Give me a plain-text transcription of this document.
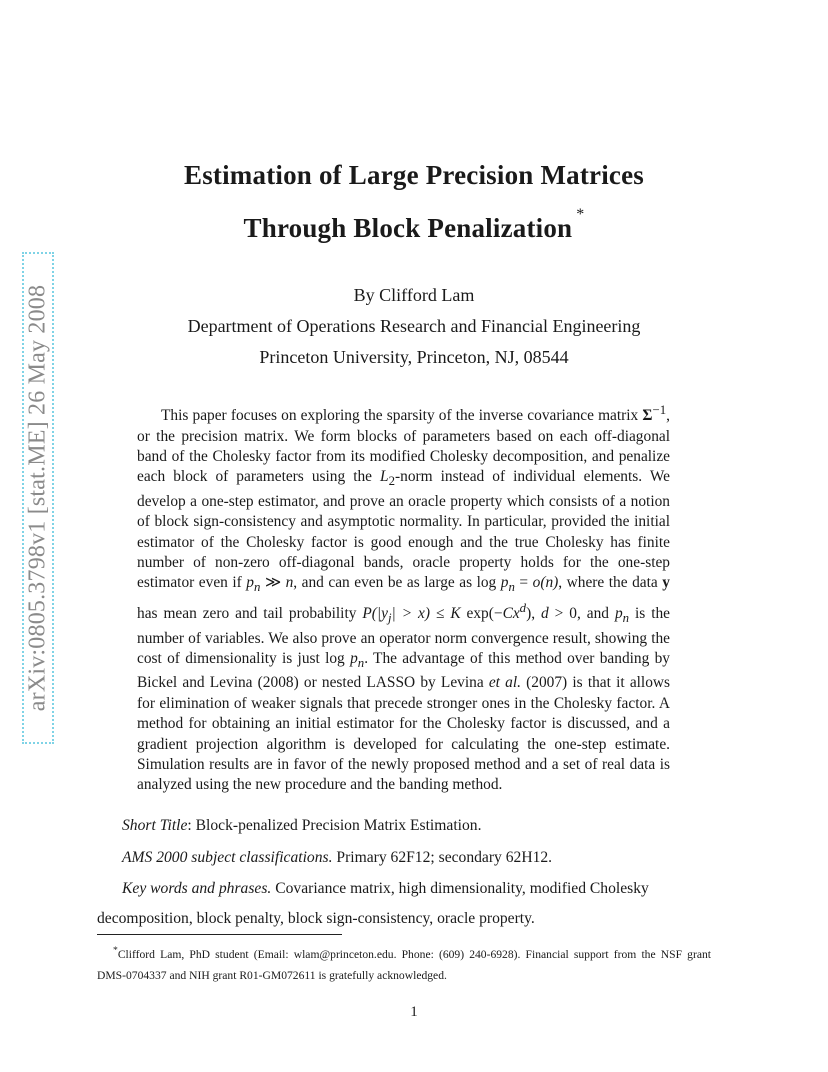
arXiv:0805.3798v1 [stat.ME] 26 May 2008
Estimation of Large Precision Matrices
Through Block Penalization *
By Clifford Lam
Department of Operations Research and Financial Engineering
Princeton University, Princeton, NJ, 08544

This paper focuses on exploring the sparsity of the inverse covariance matrix $\Sigma^{-1}$, or the precision matrix. We form blocks of parameters based on each off-diagonal band of the Cholesky factor from its modified Cholesky decomposition, and penalize each block of parameters using the $L_2$-norm instead of individual elements. We develop a one-step estimator, and prove an oracle property which consists of a notion of block sign-consistency and asymptotic normality. In particular, provided the initial estimator of the Cholesky factor is good enough and the true Cholesky has finite number of non-zero off-diagonal bands, oracle property holds for the one-step estimator even if $p_n$ ≫ n, and can even be as large as $\log p_n = o(n)$, where the data y has mean zero and tail probability $P(|y_j| > x) \le K$ $\exp(-Cx^d)$, d > 0, and $p_n$ is the number of variables. We also prove an operator norm convergence result, showing the cost of dimensionality is just $\log p_n$. The advantage of this method over banding by Bickel and Levina (2008) or nested LASSO by Levina et al. (2007) is that it allows for elimination of weaker signals that precede stronger ones in the Cholesky factor. A method for obtaining an initial estimator for the Cholesky factor is discussed, and a gradient projection algorithm is developed for calculating the one-step estimate. Simulation results are in favor of the newly proposed method and a set of real data is analyzed using the new procedure and the banding method.

Short Title: Block-penalized Precision Matrix Estimation.
AMS 2000 subject classifications. Primary 62F12; secondary 62H12.
Key words and phrases. Covariance matrix, high dimensionality, modified Cholesky
decomposition, block penalty, block sign-consistency, oracle property.

*Clifford Lam, PhD student (Email: wlam@princeton.edu. Phone: (609) 240-6928). Financial support from the NSF grant DMS-0704337 and NIH grant R01-GM072611 is gratefully acknowledged.

1
